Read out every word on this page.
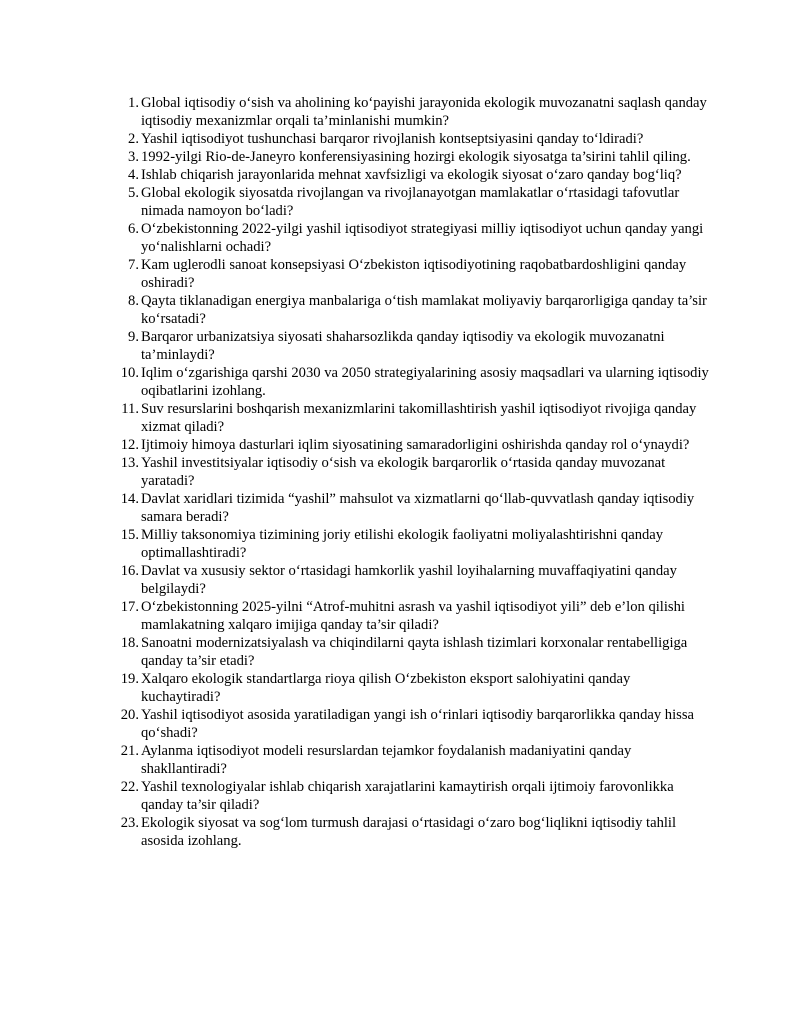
1 . Global iqtisodiy o‘sish va aholining ko‘payishi jarayonida ekologik muvozanatni saqlash qanday iqtisodiy mexanizmlar orqali ta’minlanishi mumkin?
2 . Yashil iqtisodiyot tushunchasi barqaror rivojlanish kontseptsiyasini qanday to‘ldiradi?
3 . 1992-yilgi Rio-de-Janeyro konferensiyasining hozirgi ekologik siyosatga ta’sirini tahlil qiling.
4 . Ishlab chiqarish jarayonlarida mehnat xavfsizligi va ekologik siyosat o‘zaro qanday bog‘liq?
5 . Global ekologik siyosatda rivojlangan va rivojlanayotgan mamlakatlar o‘rtasidagi tafovutlar nimada namoyon bo‘ladi?
6 . O‘zbekistonning 2022-yilgi yashil iqtisodiyot strategiyasi milliy iqtisodiyot uchun qanday yangi yo‘nalishlarni ochadi?
7 . Kam uglerodli sanoat konsepsiyasi O‘zbekiston iqtisodiyotining raqobatbardoshligini qanday oshiradi?
8 . Qayta tiklanadigan energiya manbalariga o‘tish mamlakat moliyaviy barqarorligiga qanday ta’sir ko‘rsatadi?
9 . Barqaror urbanizatsiya siyosati shaharsozlikda qanday iqtisodiy va ekologik muvozanatni ta’minlaydi?
10 . Iqlim o‘zgarishiga qarshi 2030 va 2050 strategiyalarining asosiy maqsadlari va ularning iqtisodiy oqibatlarini izohlang.
11 . Suv resurslarini boshqarish mexanizmlarini takomillashtirish yashil iqtisodiyot rivojiga qanday xizmat qiladi?
12 . Ijtimoiy himoya dasturlari iqlim siyosatining samaradorligini oshirishda qanday rol o‘ynaydi?
13 . Yashil investitsiyalar iqtisodiy o‘sish va ekologik barqarorlik o‘rtasida qanday muvozanat yaratadi?
14 . Davlat xaridlari tizimida “yashil” mahsulot va xizmatlarni qo‘llab-quvvatlash qanday iqtisodiy samara beradi?
15 . Milliy taksonomiya tizimining joriy etilishi ekologik faoliyatni moliyalashtirishni qanday optimallashtiradi?
16 . Davlat va xususiy sektor o‘rtasidagi hamkorlik yashil loyihalarning muvaffaqiyatini qanday belgilaydi?
17 . O‘zbekistonning 2025-yilni “Atrof-muhitni asrash va yashil iqtisodiyot yili” deb e’lon qilishi mamlakatning xalqaro imijiga qanday ta’sir qiladi?
18 . Sanoatni modernizatsiyalash va chiqindilarni qayta ishlash tizimlari korxonalar rentabelligiga qanday ta’sir etadi?
19 . Xalqaro ekologik standartlarga rioya qilish O‘zbekiston eksport salohiyatini qanday kuchaytiradi?
20 . Yashil iqtisodiyot asosida yaratiladigan yangi ish o‘rinlari iqtisodiy barqarorlikka qanday hissa qo‘shadi?
21 . Aylanma iqtisodiyot modeli resurslardan tejamkor foydalanish madaniyatini qanday shakllantiradi?
22 . Yashil texnologiyalar ishlab chiqarish xarajatlarini kamaytirish orqali ijtimoiy farovonlikka qanday ta’sir qiladi?
23 . Ekologik siyosat va sog‘lom turmush darajasi o‘rtasidagi o‘zaro bog‘liqlikni iqtisodiy tahlil asosida izohlang.
